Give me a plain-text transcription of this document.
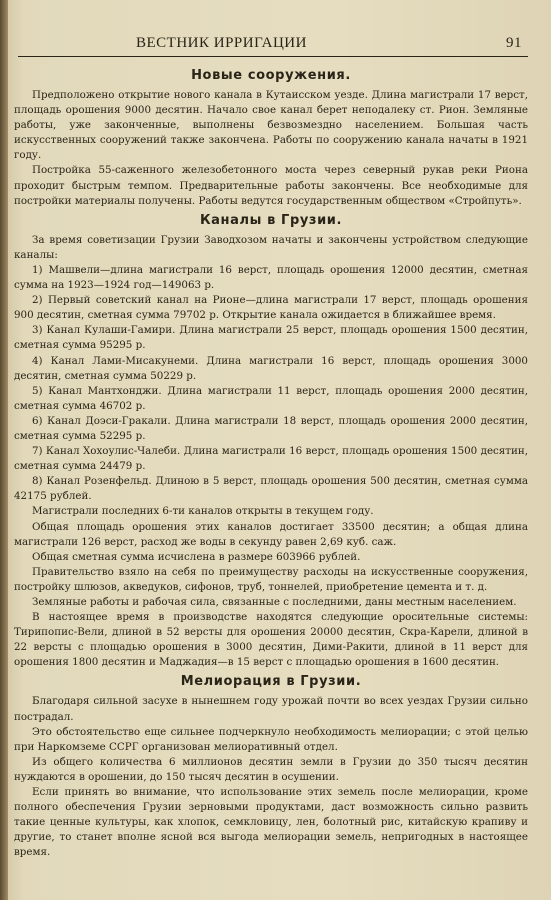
ВЕСТНИК ИРРИГАЦИИ	91
Новые сооружения.

Предположено открытие нового канала в Кутаисском уезде. Длина магистрали 17 верст, площадь орошения 9000 десятин. Начало свое канал берет неподалеку ст. Рион. Земляные работы, уже законченные, выполнены безвозмездно населением. Большая часть искусственных сооружений также закончена. Работы по сооружению канала начаты в 1921 году.

Постройка 55-саженного железобетонного моста через северный рукав реки Риона проходит быстрым темпом. Предварительные работы закончены. Все необходимые для постройки материалы получены. Работы ведутся государственным обществом «Стройпуть».

Каналы в Грузии.

За время советизации Грузии Заводхозом начаты и закончены устройством следующие каналы:

1) Машвели—длина магистрали 16 верст, площадь орошения 12000 десятин, сметная сумма на 1923—1924 год—149063 р.

2) Первый советский канал на Рионе—длина магистрали 17 верст, площадь орошения 900 десятин, сметная сумма 79702 р. Открытие канала ожидается в ближайшее время.

3) Канал Кулаши-Гамири. Длина магистрали 25 верст, площадь орошения 1500 десятин, сметная сумма 95295 р.

4) Канал Лами-Мисакунеми. Длина магистрали 16 верст, площадь орошения 3000 десятин, сметная сумма 50229 р.

5) Канал Мантхонджи. Длина магистрали 11 верст, площадь орошения 2000 десятин, сметная сумма 46702 р.

6) Канал Доэси-Гракали. Длина магистрали 18 верст, площадь орошения 2000 десятин, сметная сумма 52295 р.

7) Канал Хохоулис-Чалеби. Длина магистрали 16 верст, площадь орошения 1500 десятин, сметная сумма 24479 р.

8) Канал Розенфельд. Длиною в 5 верст, площадь орошения 500 десятин, сметная сумма 42175 рублей.

Магистрали последних 6-ти каналов открыты в текущем году.

Общая площадь орошения этих каналов достигает 33500 десятин; а общая длина магистрали 126 верст, расход же воды в секунду равен 2,69 куб. саж.

Общая сметная сумма исчислена в размере 603966 рублей.

Правительство взяло на себя по преимуществу расходы на искусственные сооружения, постройку шлюзов, акведуков, сифонов, труб, тоннелей, приобретение цемента и т. д.

Земляные работы и рабочая сила, связанные с последними, даны местным населением.

В настоящее время в производстве находятся следующие оросительные системы: Тирипопис-Вели, длиной в 52 версты для орошения 20000 десятин, Скра-Карели, длиной в 22 версты с площадью орошения в 3000 десятин, Дими-Ракити, длиной в 11 верст для орошения 1800 десятин и Маджадия—в 15 верст с площадью орошения в 1600 десятин.

Мелиорация в Грузии.

Благодаря сильной засухе в нынешнем году урожай почти во всех уездах Грузии сильно пострадал.

Это обстоятельство еще сильнее подчеркнуло необходимость мелиорации; с этой целью при Наркомземе ССРГ организован мелиоративный отдел.

Из общего количества 6 миллионов десятин земли в Грузии до 350 тысяч десятин нуждаются в орошении, до 150 тысяч десятин в осушении.

Если принять во внимание, что использование этих земель после мелиорации, кроме полного обеспечения Грузии зерновыми продуктами, даст возможность сильно развить такие ценные культуры, как хлопок, семкловицу, лен, болотный рис, китайскую крапиву и другие, то станет вполне ясной вся выгода мелиорации земель, непригодных в настоящее время.
